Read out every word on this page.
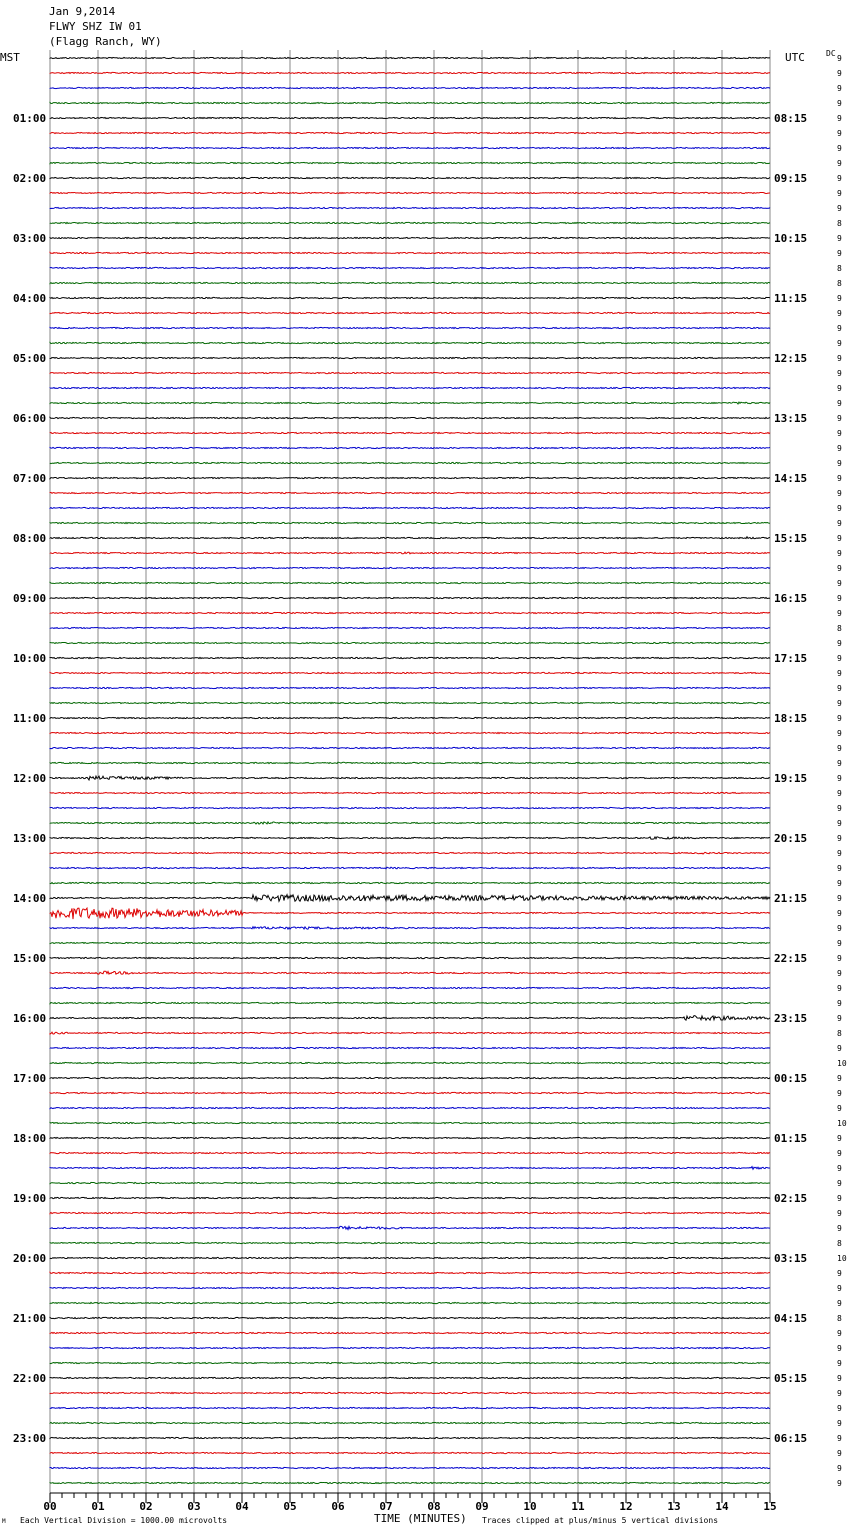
00	01	02	03	04	05	06	07	08	09	10	11	12	13	14	15
9
9
9
9
9
9
9
9
9
9
9
8
9
9
8
8
9
9
9
9
9
9
9
9
9
9
9
9
9
9
9
9
9
9
9
9
9
9
8
9
9
9
9
9
9
9
9
9
9
9
9
9
9
9
9
9
9
9
9
9
9
9
9
9
9
8
9
10
9
9
9
10
9
9
9
9
9
9
9
8
10
9
9
9
8
9
9
9
9
9
9
9
9
9
9
9
01:00
02:00
03:00
04:00
05:00
06:00
07:00
08:00
09:00
10:00
11:00
12:00
13:00
14:00
15:00
16:00
17:00
18:00
19:00
20:00
21:00
22:00
23:00
08:15
09:15
10:15
11:15
12:15
13:15
14:15
15:15
16:15
17:15
18:15
19:15
20:15
21:15
22:15
23:15
00:15
01:15
02:15
03:15
04:15
05:15
06:15
Jan 9,2014
FLWY SHZ IW 01
(Flagg Ranch, WY)
MST	UTC	DC
M Each Vertical Division = 1000.00 microvolts	TIME (MINUTES) Traces clipped at plus/minus 5 vertical divisions
